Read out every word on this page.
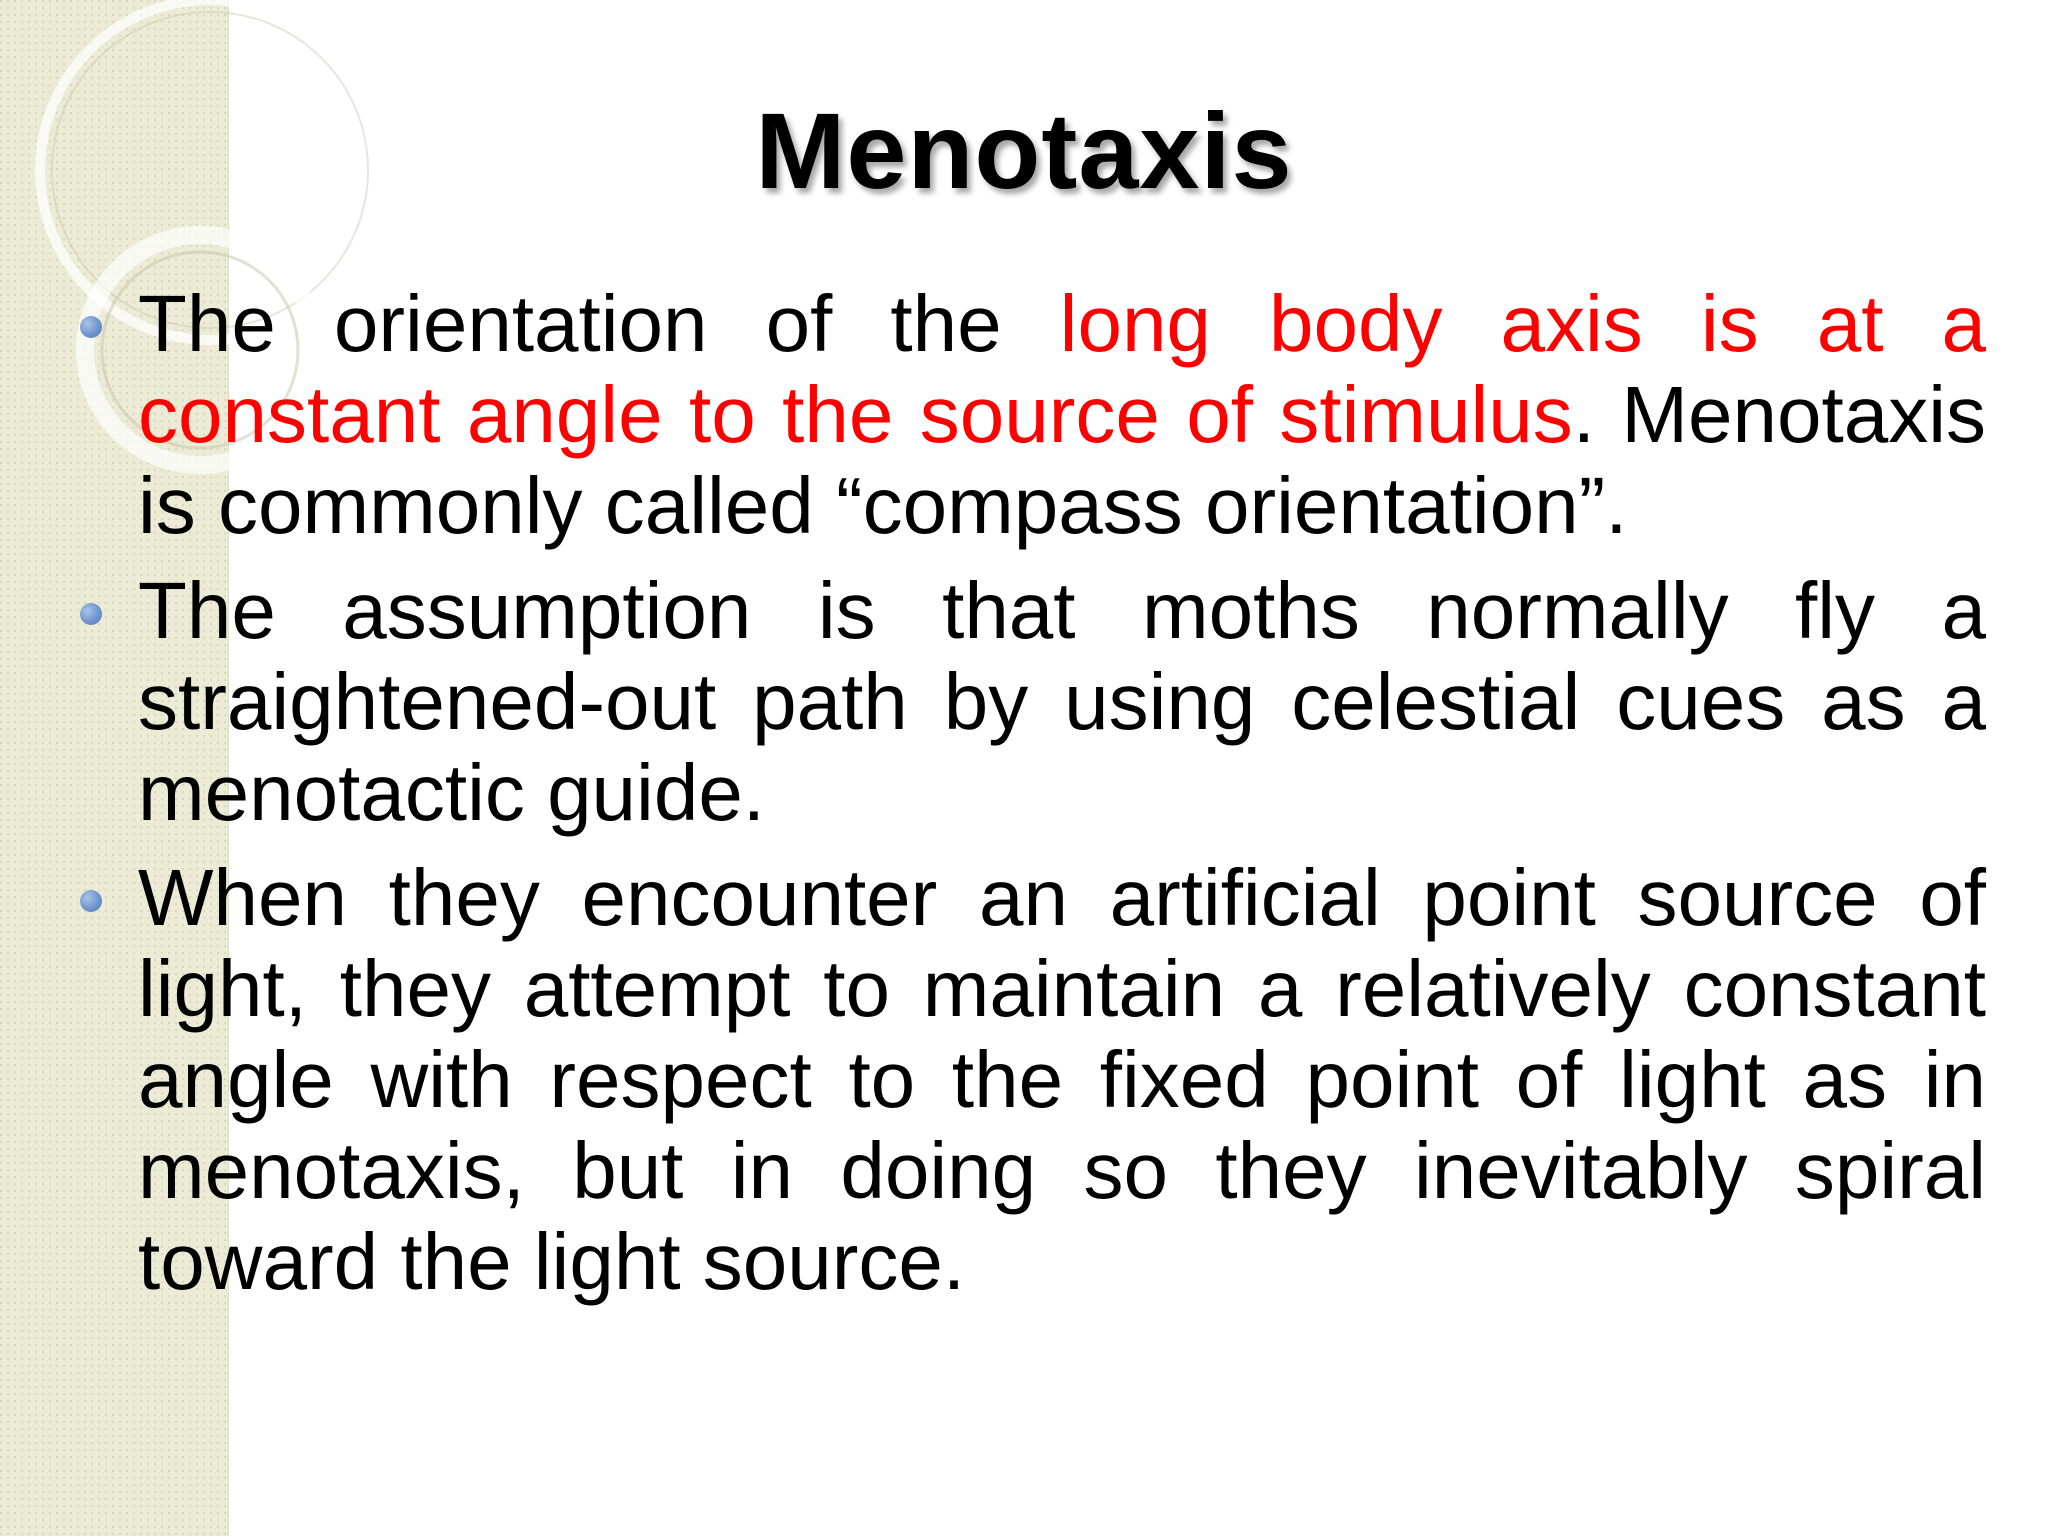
Menotaxis
The orientation of the long body axis is at a constant angle to the source of stimulus. Menotaxis is commonly called “compass orientation”.
The assumption is that moths normally fly a straightened-out path by using celestial cues as a menotactic guide.
When they encounter an artificial point source of light, they attempt to maintain a relatively constant angle with respect to the fixed point of light as in menotaxis, but in doing so they inevitably spiral toward the light source.
